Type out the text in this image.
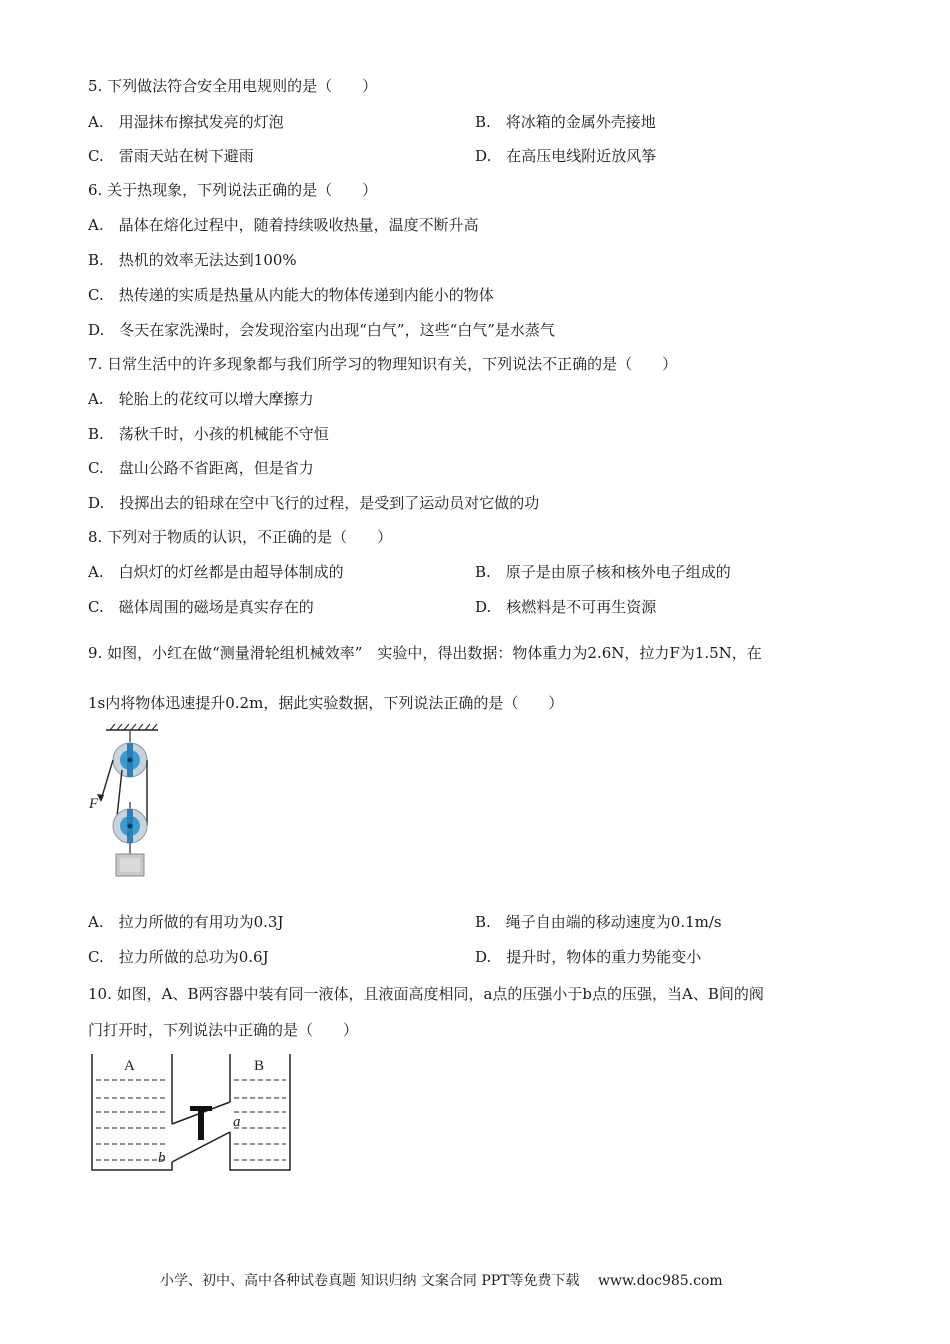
5. 下列做法符合安全用电规则的是（　　）
A.　用湿抹布擦拭发亮的灯泡	B.　将冰箱的金属外壳接地
C.　雷雨天站在树下避雨	D.　在高压电线附近放风筝
6. 关于热现象，下列说法正确的是（　　）
A.　晶体在熔化过程中，随着持续吸收热量，温度不断升高
B.　热机的效率无法达到100%
C.　热传递的实质是热量从内能大的物体传递到内能小的物体
D.　冬天在家洗澡时，会发现浴室内出现“白气”，这些“白气”是水蒸气
7. 日常生活中的许多现象都与我们所学习的物理知识有关，下列说法不正确的是（　　）
A.　轮胎上的花纹可以增大摩擦力
B.　荡秋千时，小孩的机械能不守恒
C.　盘山公路不省距离，但是省力
D.　投掷出去的铅球在空中飞行的过程，是受到了运动员对它做的功
8. 下列对于物质的认识，不正确的是（　　）
A.　白炽灯的灯丝都是由超导体制成的	B.　原子是由原子核和核外电子组成的
C.　磁体周围的磁场是真实存在的	D.　核燃料是不可再生资源
9. 如图，小红在做“测量滑轮组机械效率”　实验中，得出数据：物体重力为2.6N，拉力F为1.5N，在
1s内将物体迅速提升0.2m，据此实验数据，下列说法正确的是（　　）
F
A.　拉力所做的有用功为0.3J	B.　绳子自由端的移动速度为0.1m/s
C.　拉力所做的总功为0.6J	D.　提升时，物体的重力势能变小
10. 如图，A、B两容器中装有同一液体，且液面高度相同，a点的压强小于b点的压强，当A、B间的阀
门打开时，下列说法中正确的是（　　）
A	B
a
b
小学、初中、高中各种试卷真题 知识归纳 文案合同 PPT等免费下载　 www.doc985.com
